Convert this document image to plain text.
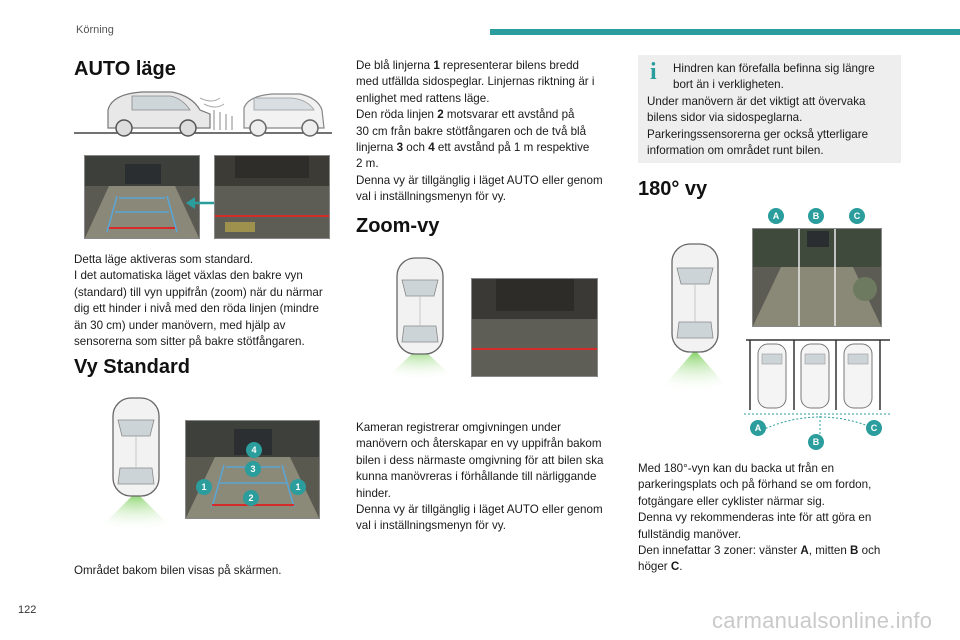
Körning
AUTO läge

Detta läge aktiveras som standard.

I det automatiska läget växlas den bakre vyn

(standard) till vyn uppifrån (zoom) när du närmar

dig ett hinder i nivå med den röda linjen (mindre

än 30 cm) under manövern, med hjälp av

sensorerna som sitter på bakre stötfångaren.

Vy Standard
4
3
1
2
1
Området bakom bilen visas på skärmen.

De blå linjerna 1 representerar bilens bredd

med utfällda sidospeglar. Linjernas riktning är i

enlighet med rattens läge.

Den röda linjen 2 motsvarar ett avstånd på

30 cm från bakre stötfångaren och de två blå

linjerna 3 och 4 ett avstånd på 1 m respektive

2 m.

Denna vy är tillgänglig i läget AUTO eller genom

val i inställningsmenyn för vy.

Zoom-vy

Kameran registrerar omgivningen under

manövern och återskapar en vy uppifrån bakom

bilen i dess närmaste omgivning för att bilen ska

kunna manövreras i förhållande till närliggande

hinder.

Denna vy är tillgänglig i läget AUTO eller genom

val i inställningsmenyn för vy.

i	Hindren kan förefalla befinna sig längre

bort än i verkligheten.

Under manövern är det viktigt att övervaka

bilens sidor via sidospeglarna.

Parkeringssensorerna ger också ytterligare

information om området runt bilen.

180° vy
A	B	C
A
B
C

Med 180°-vyn kan du backa ut från en

parkeringsplats och på förhand se om fordon,

fotgängare eller cyklister närmar sig.

Denna vy rekommenderas inte för att göra en

fullständig manöver.

Den innefattar 3 zoner: vänster A, mitten B och

höger C.

122	carmanualsonline.info
